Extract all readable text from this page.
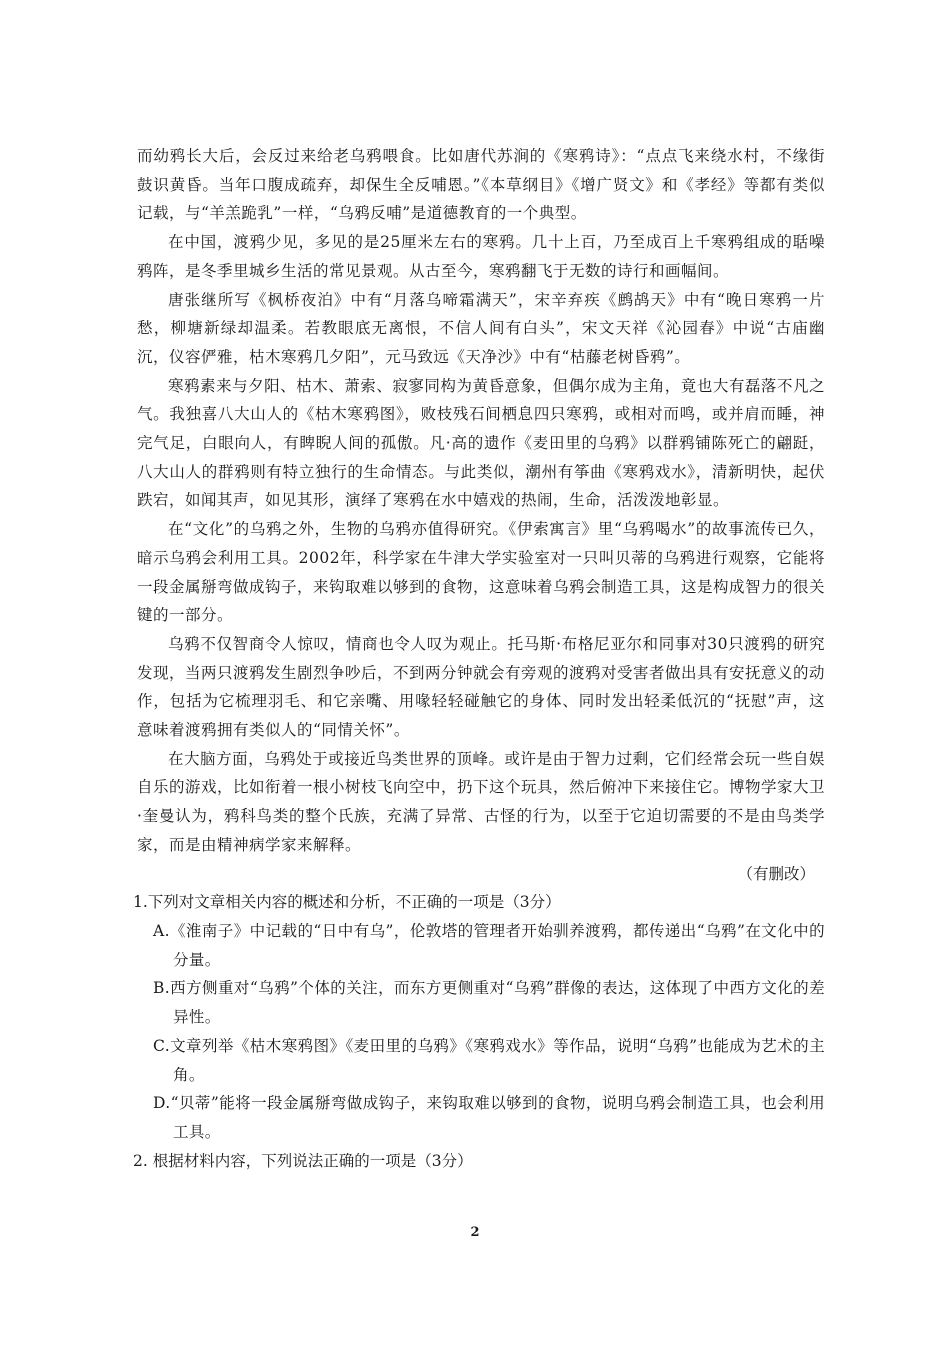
而幼鸦长大后，会反过来给老乌鸦喂食。比如唐代苏涧的《寒鸦诗》：“点点飞来绕水村，不缘街鼓识黄昏。当年口腹成疏弃，却保生全反哺恩。”《本草纲目》《增广贤文》和《孝经》等都有类似记载，与“羊羔跪乳”一样，“乌鸦反哺”是道德教育的一个典型。

在中国，渡鸦少见，多见的是25厘米左右的寒鸦。几十上百，乃至成百上千寒鸦组成的聒噪鸦阵，是冬季里城乡生活的常见景观。从古至今，寒鸦翻飞于无数的诗行和画幅间。

唐张继所写《枫桥夜泊》中有“月落乌啼霜满天”，宋辛弃疾《鹧鸪天》中有“晚日寒鸦一片愁，柳塘新绿却温柔。若教眼底无离恨，不信人间有白头”，宋文天祥《沁园春》中说“古庙幽沉，仪容俨雅，枯木寒鸦几夕阳”，元马致远《天净沙》中有“枯藤老树昏鸦”。

寒鸦素来与夕阳、枯木、萧索、寂寥同构为黄昏意象，但偶尔成为主角，竟也大有磊落不凡之气。我独喜八大山人的《枯木寒鸦图》，败枝残石间栖息四只寒鸦，或相对而鸣，或并肩而睡，神完气足，白眼向人，有睥睨人间的孤傲。凡·高的遗作《麦田里的乌鸦》以群鸦铺陈死亡的翩跹，八大山人的群鸦则有特立独行的生命情态。与此类似，潮州有筝曲《寒鸦戏水》，清新明快，起伏跌宕，如闻其声，如见其形，演绎了寒鸦在水中嬉戏的热闹，生命，活泼泼地彰显。

在“文化”的乌鸦之外，生物的乌鸦亦值得研究。《伊索寓言》里“乌鸦喝水”的故事流传已久，暗示乌鸦会利用工具。2002年，科学家在牛津大学实验室对一只叫贝蒂的乌鸦进行观察，它能将一段金属掰弯做成钩子，来钩取难以够到的食物，这意味着乌鸦会制造工具，这是构成智力的很关键的一部分。

乌鸦不仅智商令人惊叹，情商也令人叹为观止。托马斯·布格尼亚尔和同事对30只渡鸦的研究发现，当两只渡鸦发生剧烈争吵后，不到两分钟就会有旁观的渡鸦对受害者做出具有安抚意义的动作，包括为它梳理羽毛、和它亲嘴、用喙轻轻碰触它的身体、同时发出轻柔低沉的“抚慰”声，这意味着渡鸦拥有类似人的“同情关怀”。

在大脑方面，乌鸦处于或接近鸟类世界的顶峰。或许是由于智力过剩，它们经常会玩一些自娱自乐的游戏，比如衔着一根小树枝飞向空中，扔下这个玩具，然后俯冲下来接住它。博物学家大卫·奎曼认为，鸦科鸟类的整个氏族，充满了异常、古怪的行为，以至于它迫切需要的不是由鸟类学家，而是由精神病学家来解释。

（有删改）

1.下列对文章相关内容的概述和分析，不正确的一项是（3分）

A.《淮南子》中记载的“日中有乌”，伦敦塔的管理者开始驯养渡鸦，都传递出“乌鸦”在文化中的分量。

B.西方侧重对“乌鸦”个体的关注，而东方更侧重对“乌鸦”群像的表达，这体现了中西方文化的差异性。

C.文章列举《枯木寒鸦图》《麦田里的乌鸦》《寒鸦戏水》等作品，说明“乌鸦”也能成为艺术的主角。

D.“贝蒂”能将一段金属掰弯做成钩子，来钩取难以够到的食物，说明乌鸦会制造工具，也会利用工具。

2. 根据材料内容，下列说法正确的一项是（3分）

2
